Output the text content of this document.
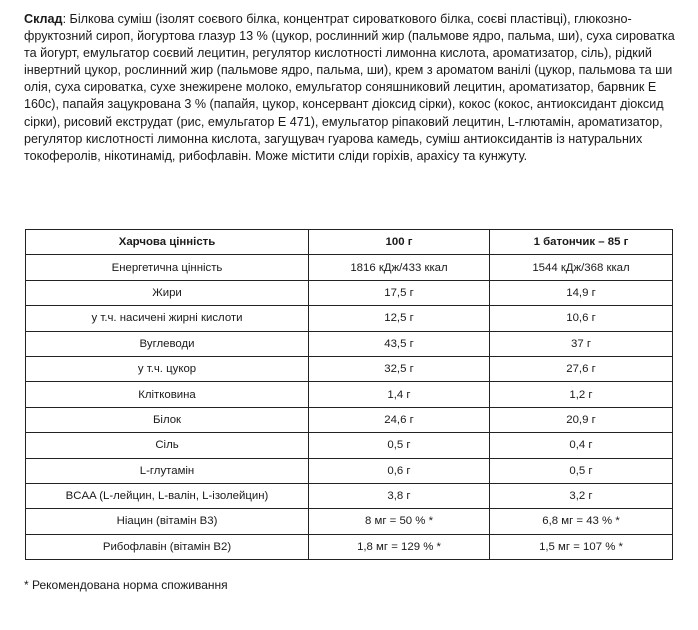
Склад: Білкова суміш (ізолят соєвого білка, концентрат сироваткового білка, соєві пластівці), глюкозно-фруктозний сироп, йогуртова глазур 13 % (цукор, рослинний жир (пальмове ядро, пальма, ши), суха сироватка та йогурт, емульгатор соєвий лецитин, регулятор кислотності лимонна кислота, ароматизатор, сіль), рідкий інвертний цукор, рослинний жир (пальмове ядро, пальма, ши), крем з ароматом ванілі (цукор, пальмова та ши олія, суха сироватка, сухе знежирене молоко, емульгатор соняшниковий лецитин, ароматизатор, барвник Е 160с), папайя зацукрована 3 % (папайя, цукор, консервант діоксид сірки), кокос (кокос, антиоксидант діоксид сірки), рисовий екструдат (рис, емульгатор Е 471), емульгатор ріпаковий лецитин, L-глютамін, ароматизатор, регулятор кислотності лимонна кислота, загущувач гуарова камедь, суміш антиоксидантів із натуральних токоферолів, нікотинамід, рибофлавін. Може містити сліди горіхів, арахісу та кунжуту.

Харчова цінність	100 г	1 батончик – 85 г
Енергетична цінність	1816 кДж/433 ккал	1544 кДж/368 ккал
Жири	17,5 г	14,9 г
у т.ч. насичені жирні кислоти	12,5 г	10,6 г
Вуглеводи	43,5 г	37 г
у т.ч. цукор	32,5 г	27,6 г
Клітковина	1,4 г	1,2 г
Білок	24,6 г	20,9 г
Сіль	0,5 г	0,4 г
L-глутамін	0,6 г	0,5 г
BCAA (L-лейцин, L-валін, L-ізолейцин)	3,8 г	3,2 г
Ніацин (вітамін В3)	8 мг = 50 % *	6,8 мг = 43 % *
Рибофлавін (вітамін В2)	1,8 мг = 129 % *	1,5 мг = 107 % *
* Рекомендована норма споживання
